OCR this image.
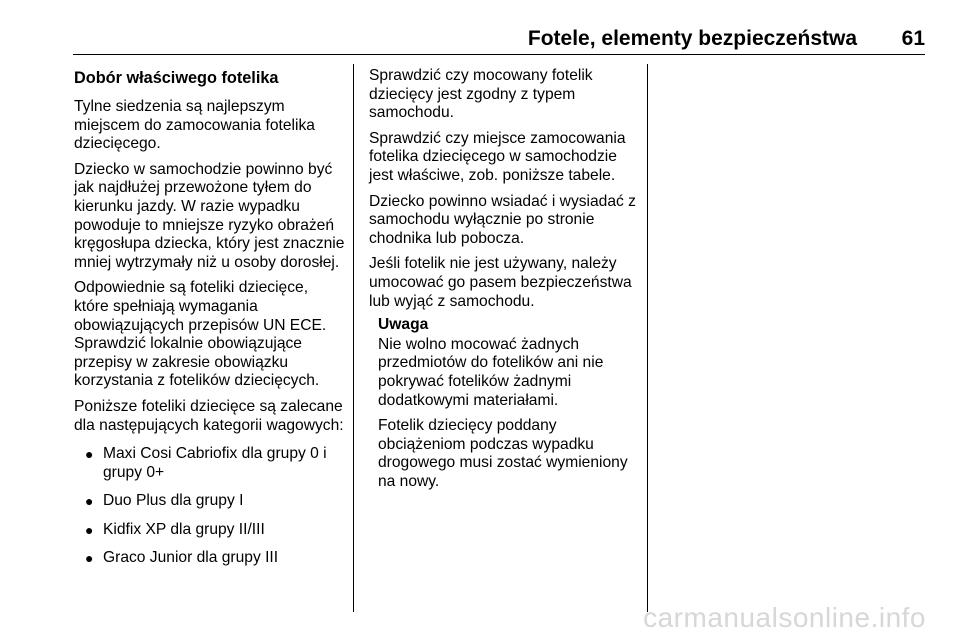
Fotele, elementy bezpieczeństwa 61
Dobór właściwego fotelika

Tylne siedzenia są najlepszym miejscem do zamocowania fotelika dziecięcego.

Dziecko w samochodzie powinno być jak najdłużej przewożone tyłem do kierunku jazdy. W razie wypadku powoduje to mniejsze ryzyko obrażeń kręgosłupa dziecka, który jest znacznie mniej wytrzymały niż u osoby dorosłej.

Odpowiednie są foteliki dziecięce, które spełniają wymagania obowiązujących przepisów UN ECE. Sprawdzić lokalnie obowiązujące przepisy w zakresie obowiązku korzystania z fotelików dziecięcych.

Poniższe foteliki dziecięce są zalecane dla następujących kategorii wagowych:

● Maxi Cosi Cabriofix dla grupy 0 i grupy 0+
● Duo Plus dla grupy I
● Kidfix XP dla grupy II/III
● Graco Junior dla grupy III

Sprawdzić czy mocowany fotelik dziecięcy jest zgodny z typem samochodu.

Sprawdzić czy miejsce zamocowania fotelika dziecięcego w samochodzie jest właściwe, zob. poniższe tabele.

Dziecko powinno wsiadać i wysiadać z samochodu wyłącznie po stronie chodnika lub pobocza.

Jeśli fotelik nie jest używany, należy umocować go pasem bezpieczeństwa lub wyjąć z samochodu.

Uwaga

Nie wolno mocować żadnych przedmiotów do fotelików ani nie pokrywać fotelików żadnymi dodatkowymi materiałami.

Fotelik dziecięcy poddany obciążeniom podczas wypadku drogowego musi zostać wymieniony na nowy.

carmanualsonline.info
